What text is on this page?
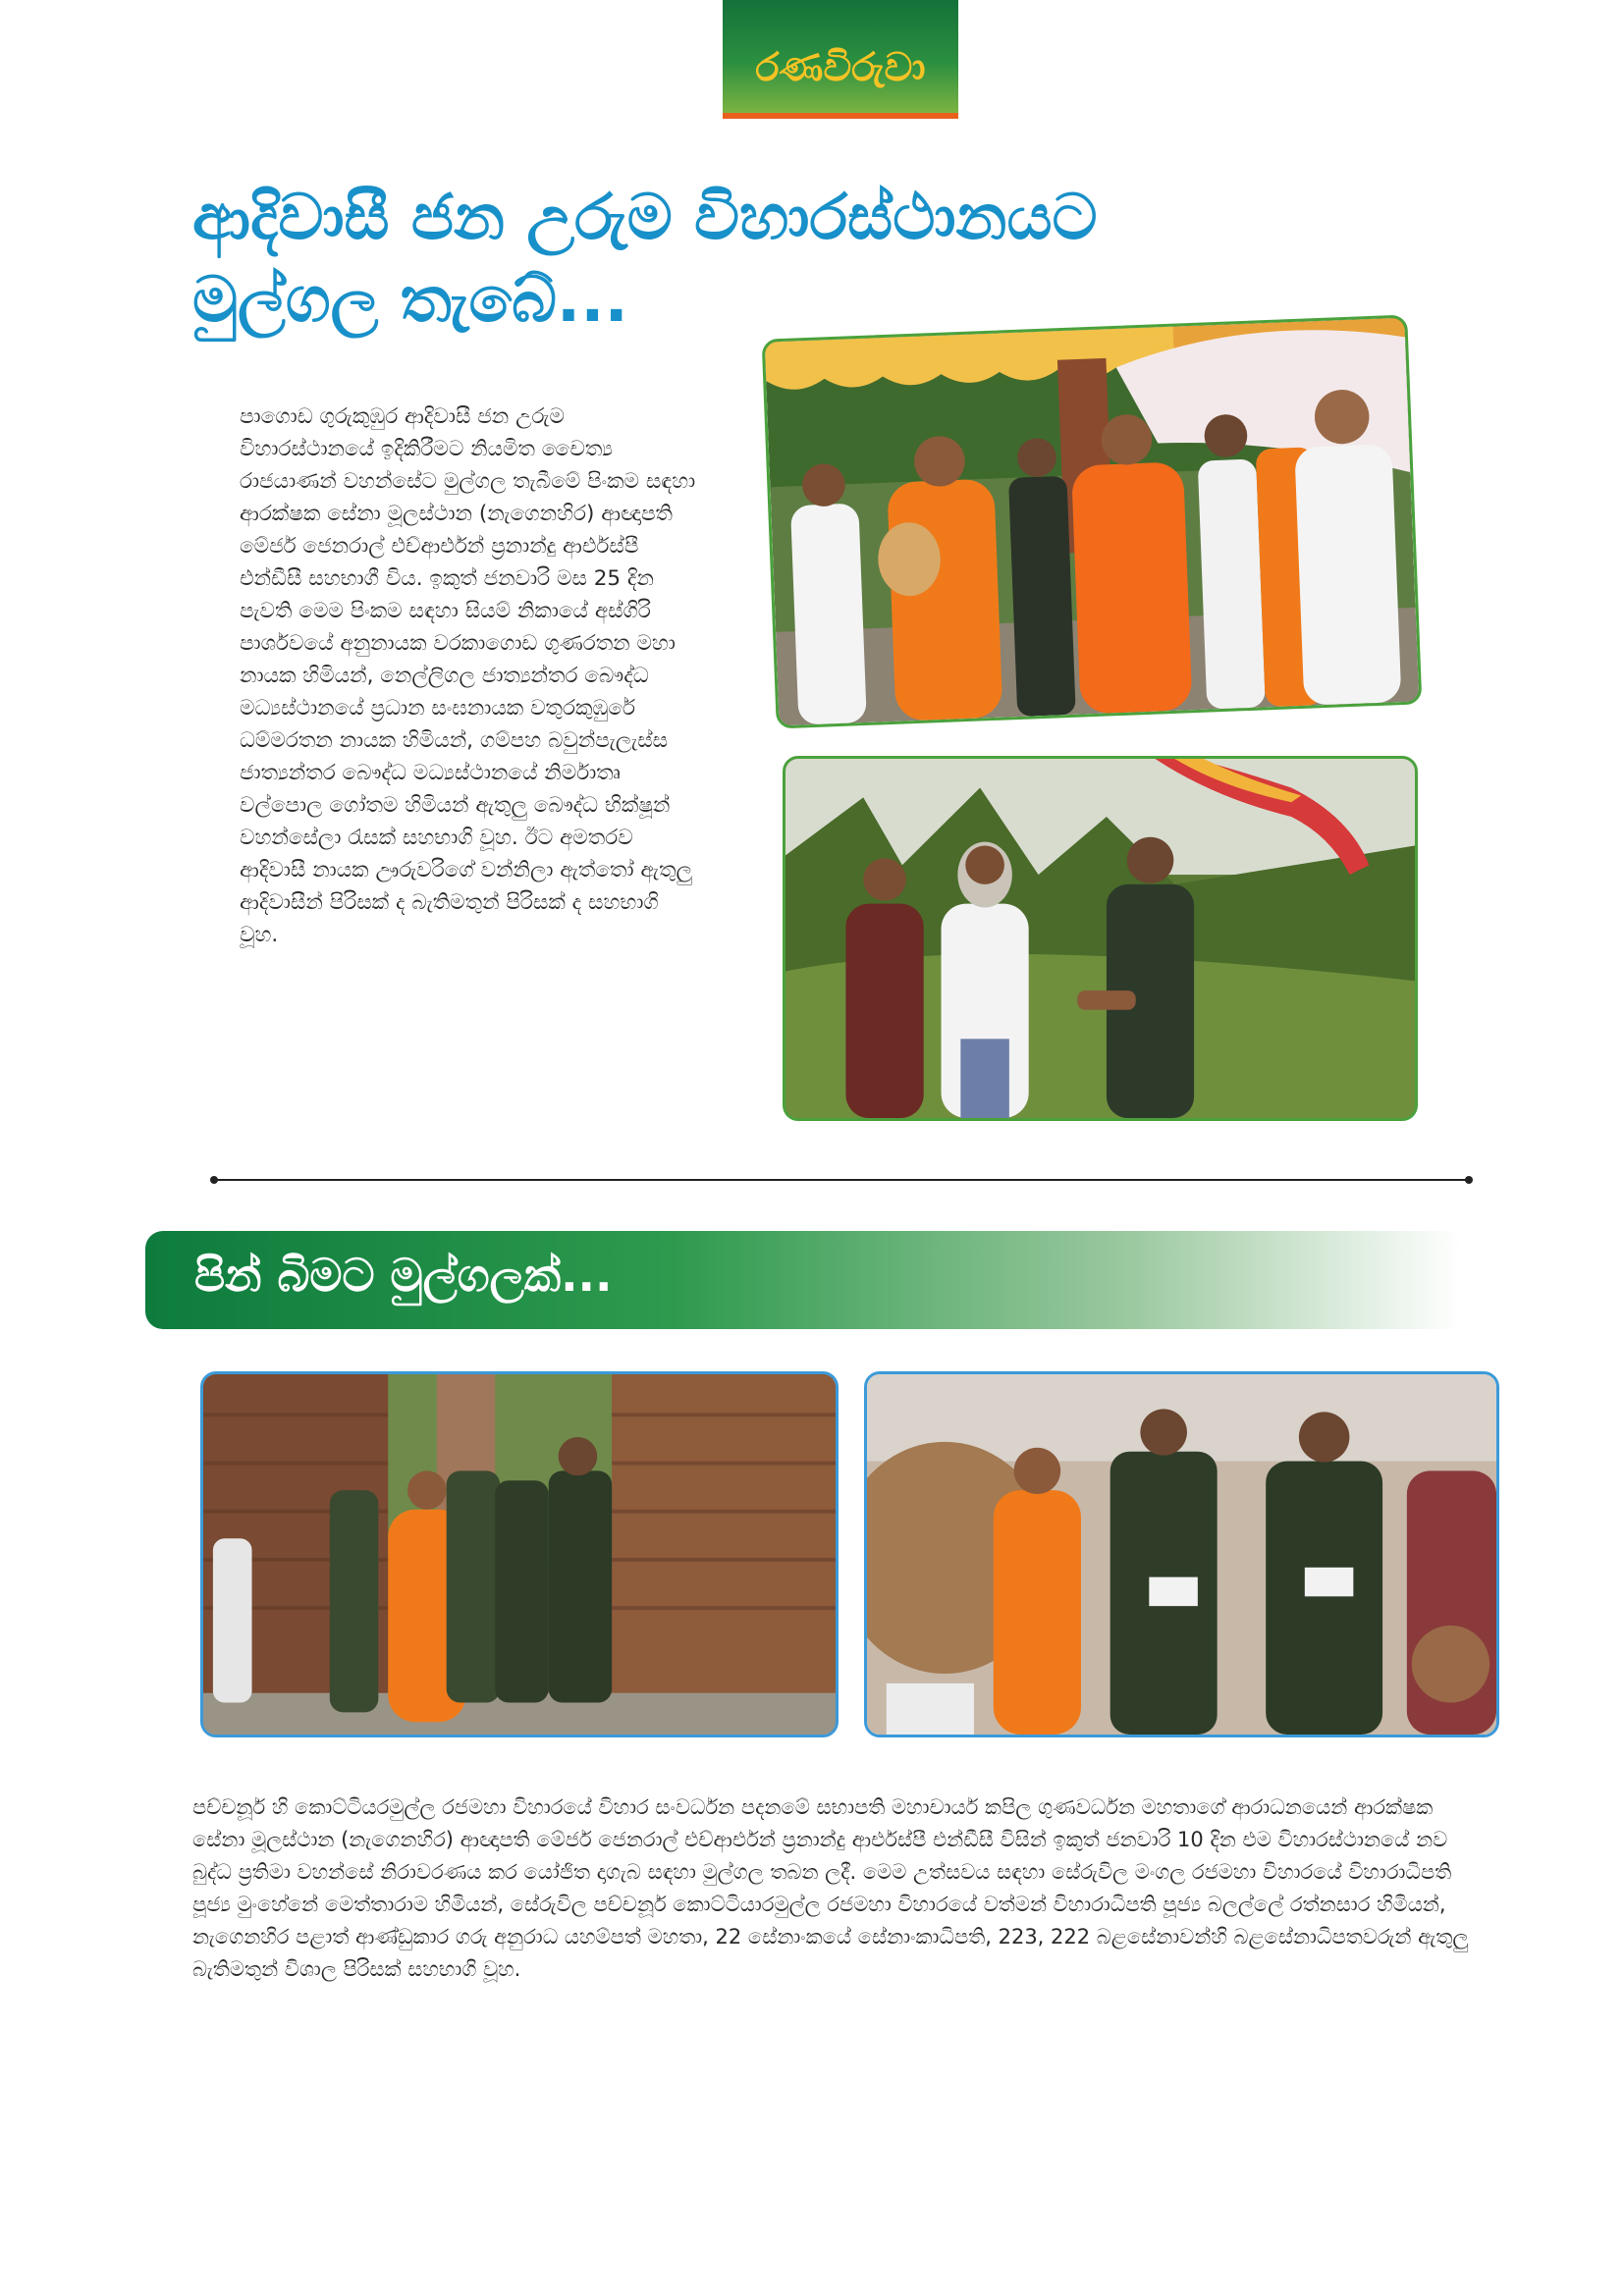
රණවිරුවා
ආදිවාසී ජන උරුම විහාරස්ථානයට
මුල්ගල තැබේ...

පාගොඩ ගුරුකුඹුර ආදිවාසී ජන උරුම විහාරස්ථානයේ ඉදිකිරීමට නියමිත චෛත්‍ය රාජයාණන් වහන්සේට මුල්ගල තැබීමේ පිංකම සඳහා ආරක්ෂක සේනා මූලස්ථාන (නැගෙනහිර) ආඥාපති මේජර් ජෙනරාල් එච්ආර්එන් ප්‍රනාන්දු ආර්එස්පී එන්ඩීසී සහභාගී විය. ඉකුත් ජනවාරි මස 25 දින පැවති මෙම පිංකම සඳහා සියම් නිකායේ අස්ගිරි පාර්ශවයේ අනුනායක වරකාගොඩ ගුණරතන මහා නායක හිමියන්, නෙල්ලිගල ජාත්‍යන්තර බෞද්ධ මධ්‍යස්ථානයේ ප්‍රධාන සංඝනායක වතුරකුඹුරේ ධම්මරතන නායක හිමියන්, ගම්පහ බවුන්පැලැස්ස ජාත්‍යන්තර බෞද්ධ මධ්‍යස්ථානයේ නිර්මාතෘ වල්පොල ගෝතම හිමියන් ඇතුලු බෞද්ධ භික්ෂූන් වහන්සේලා රැසක් සහභාගි වූහ. ඊට අමතරව ආදිවාසී නායක ඌරුවරිගේ වන්නිලා ඇත්තෝ ඇතුලු ආදිවාසීන් පිරිසක් ද බැතිමතුන් පිරිසක් ද සහභාගි වූහ.

පින් බිමට මුල්ගලක්...

පච්චනූර් හි කොට්ටියරමුල්ල රජමහා විහාරයේ විහාර සංවර්ධන පදනමේ සභාපති මහාචාර්ය කපිල ගුණවර්ධන මහතාගේ ආරාධනයෙන් ආරක්ෂක සේනා මූලස්ථාන (නැගෙනහිර) ආඥාපති මේජර් ජෙනරාල් එච්ආර්එන් ප්‍රනාන්දු ආර්එස්පී එන්ඩීසී විසින් ඉකුත් ජනවාරි 10 දින එම විහාරස්ථානයේ නව බුද්ධ ප්‍රතිමා වහන්සේ නිරාවරණය කර යෝජිත දාගැබ සඳහා මුල්ගල තබන ලදී. මෙම උත්සවය සඳහා සේරුවිල මංගල රජමහා විහාරයේ විහාරාධිපති පූජ්‍ය මුංහේනේ මෙත්තාරාම හිමියන්, සේරුවිල පච්චනූර් කොට්ටියාරමුල්ල රජමහා විහාරයේ වත්මන් විහාරාධිපති පූජ්‍ය බලල්ලේ රත්නසාර හිමියන්, නැගෙනහිර පළාත් ආණ්ඩුකාර ගරු අනුරාධ යහම්පත් මහතා, 22 සේනාංකයේ සේනාංකාධිපති, 223, 222 බළසේනාවන්හි බළසේනාධිපතවරුන් ඇතුලු බැතිමතුන් විශාල පිරිසක් සහභාගි වූහ.
